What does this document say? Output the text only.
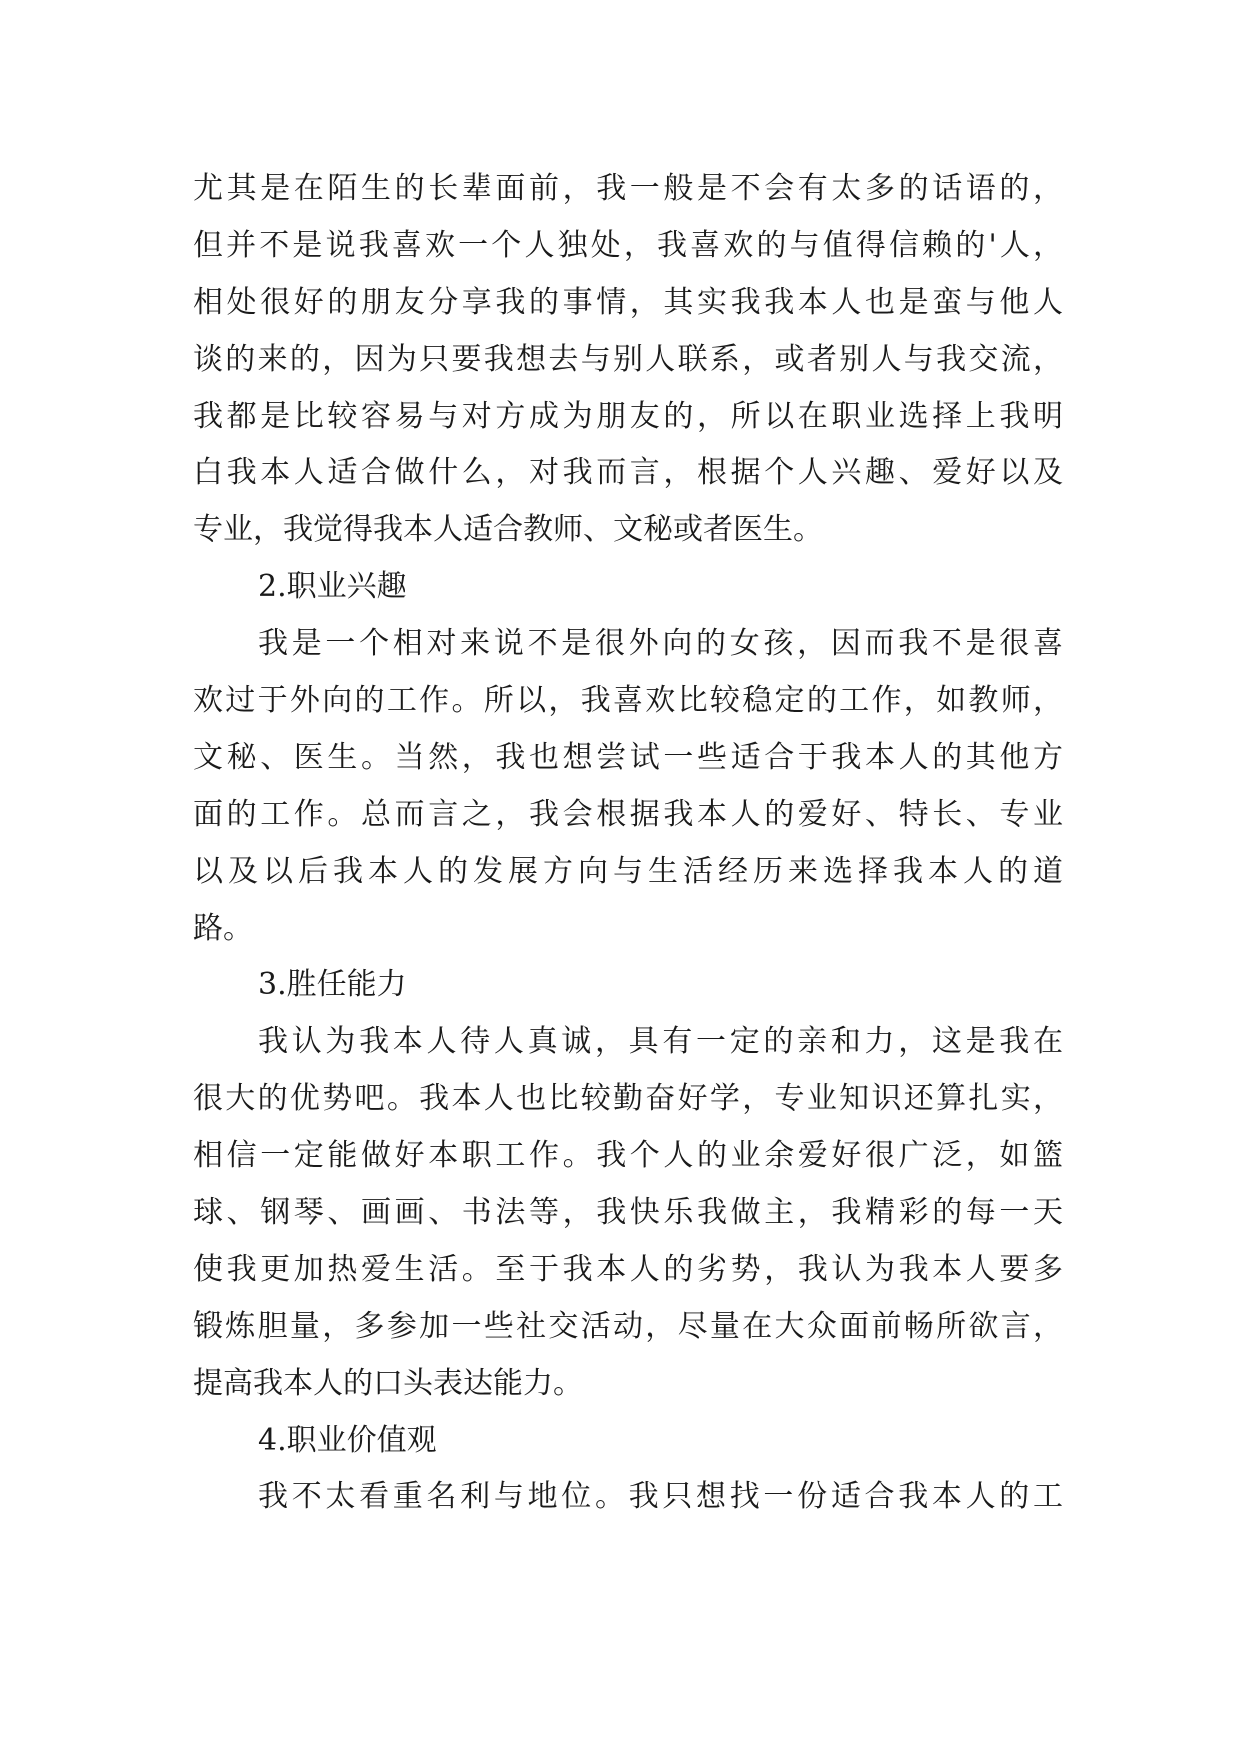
尤其是在陌生的长辈面前，我一般是不会有太多的话语的，
但并不是说我喜欢一个人独处，我喜欢的与值得信赖的'人，
相处很好的朋友分享我的事情，其实我我本人也是蛮与他人
谈的来的，因为只要我想去与别人联系，或者别人与我交流，
我都是比较容易与对方成为朋友的，所以在职业选择上我明
白我本人适合做什么，对我而言，根据个人兴趣、爱好以及
专业，我觉得我本人适合教师、文秘或者医生。
2.职业兴趣
我是一个相对来说不是很外向的女孩，因而我不是很喜
欢过于外向的工作。所以，我喜欢比较稳定的工作，如教师，
文秘、医生。当然，我也想尝试一些适合于我本人的其他方
面的工作。总而言之，我会根据我本人的爱好、特长、专业
以及以后我本人的发展方向与生活经历来选择我本人的道
路。
3.胜任能力
我认为我本人待人真诚，具有一定的亲和力，这是我在
很大的优势吧。我本人也比较勤奋好学，专业知识还算扎实，
相信一定能做好本职工作。我个人的业余爱好很广泛，如篮
球、钢琴、画画、书法等，我快乐我做主，我精彩的每一天
使我更加热爱生活。至于我本人的劣势，我认为我本人要多
锻炼胆量，多参加一些社交活动，尽量在大众面前畅所欲言，
提高我本人的口头表达能力。
4.职业价值观
我不太看重名利与地位。我只想找一份适合我本人的工
